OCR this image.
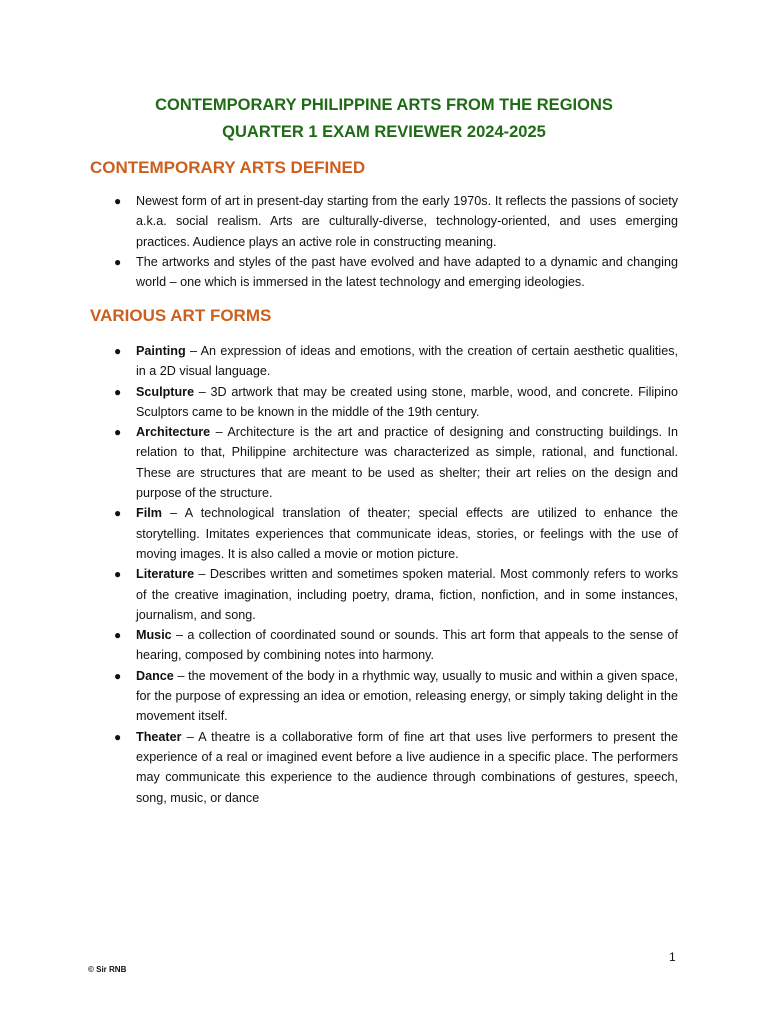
CONTEMPORARY PHILIPPINE ARTS FROM THE REGIONS
QUARTER 1 EXAM REVIEWER 2024-2025
CONTEMPORARY ARTS DEFINED
● Newest form of art in present-day starting from the early 1970s. It reflects the passions of society a.k.a. social realism. Arts are culturally-diverse, technology-oriented, and uses emerging practices. Audience plays an active role in constructing meaning.
● The artworks and styles of the past have evolved and have adapted to a dynamic and changing world – one which is immersed in the latest technology and emerging ideologies.
VARIOUS ART FORMS
● Painting – An expression of ideas and emotions, with the creation of certain aesthetic qualities, in a 2D visual language.
● Sculpture – 3D artwork that may be created using stone, marble, wood, and concrete. Filipino Sculptors came to be known in the middle of the 19th century.
● Architecture – Architecture is the art and practice of designing and constructing buildings. In relation to that, Philippine architecture was characterized as simple, rational, and functional. These are structures that are meant to be used as shelter; their art relies on the design and purpose of the structure.
● Film – A technological translation of theater; special effects are utilized to enhance the storytelling. Imitates experiences that communicate ideas, stories, or feelings with the use of moving images. It is also called a movie or motion picture.
● Literature – Describes written and sometimes spoken material. Most commonly refers to works of the creative imagination, including poetry, drama, fiction, nonfiction, and in some instances, journalism, and song.
● Music – a collection of coordinated sound or sounds. This art form that appeals to the sense of hearing, composed by combining notes into harmony.
● Dance – the movement of the body in a rhythmic way, usually to music and within a given space, for the purpose of expressing an idea or emotion, releasing energy, or simply taking delight in the movement itself.
● Theater – A theatre is a collaborative form of fine art that uses live performers to present the experience of a real or imagined event before a live audience in a specific place. The performers may communicate this experience to the audience through combinations of gestures, speech, song, music, or dance
1
© Sir RNB
